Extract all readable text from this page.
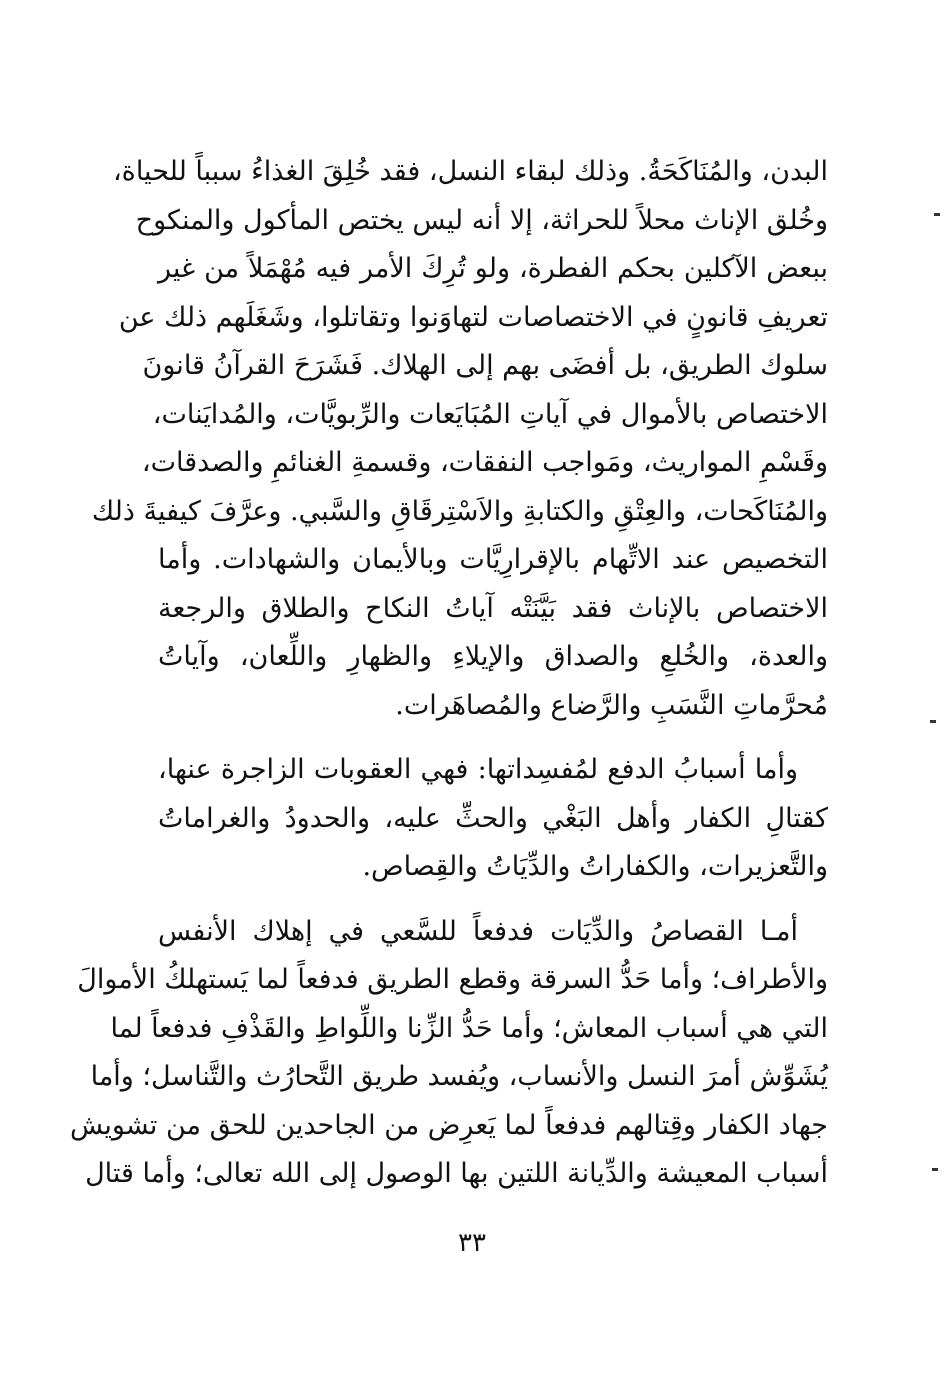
البدن، والمُنَاكَحَةُ. وذلك لبقاء النسل، فقد خُلِقَ الغذاءُ سبباً للحياة،

وخُلق الإناث محلاً للحراثة، إلا أنه ليس يختص المأكول والمنكوح

ببعض الآكلين بحكم الفطرة، ولو تُرِكَ الأمر فيه مُهْمَلاً من غير

تعريفِ قانونٍ في الاختصاصات لتهاوَنوا وتقاتلوا، وشَغَلَهم ذلك عن

سلوك الطريق، بل أفضَى بهم إلى الهلاك. فَشَرَحَ القرآنُ قانونَ

الاختصاص بالأموال في آياتِ المُبَايَعات والرِّبويَّات، والمُدايَنات،

وقَسْمِ المواريث، ومَواجب النفقات، وقسمةِ الغنائمِ والصدقات،

والمُنَاكَحات، والعِتْقِ والكتابةِ والاَسْتِرقَاقِ والسَّبي. وعرَّفَ كيفيةَ ذلك

التخصيص عند الاتِّهام بالإقرارِيَّات وبالأيمان والشهادات. وأما

الاختصاص بالإناث فقد بَيَّنَتْه آياتُ النكاح والطلاق والرجعة

والعدة، والخُلعِ والصداق والإيلاءِ والظهارِ واللِّعان، وآياتُ

مُحرَّماتِ النَّسَبِ والرَّضاع والمُصاهَرات.

وأما أسبابُ الدفع لمُفسِداتها: فهي العقوبات الزاجرة عنها،

كقتالِ الكفار وأهل البَغْي والحثِّ عليه، والحدودُ والغراماتُ

والتَّعزيرات، والكفاراتُ والدِّيَاتُ والقِصاص.

أمـا القصاصُ والدِّيَات فدفعاً للسَّعي في إهلاك الأنفس

والأطراف؛ وأما حَدُّ السرقة وقطع الطريق فدفعاً لما يَستهلكُ الأموالَ

التي هي أسباب المعاش؛ وأما حَدُّ الزِّنا واللِّواطِ والقَذْفِ فدفعاً لما

يُشَوِّش أمرَ النسل والأنساب، ويُفسد طريق التَّحارُث والتَّناسل؛ وأما

جهاد الكفار وقِتالهم فدفعاً لما يَعرِض من الجاحدين للحق من تشويش

أسباب المعيشة والدِّيانة اللتين بها الوصول إلى الله تعالى؛ وأما قتال

٣٣
